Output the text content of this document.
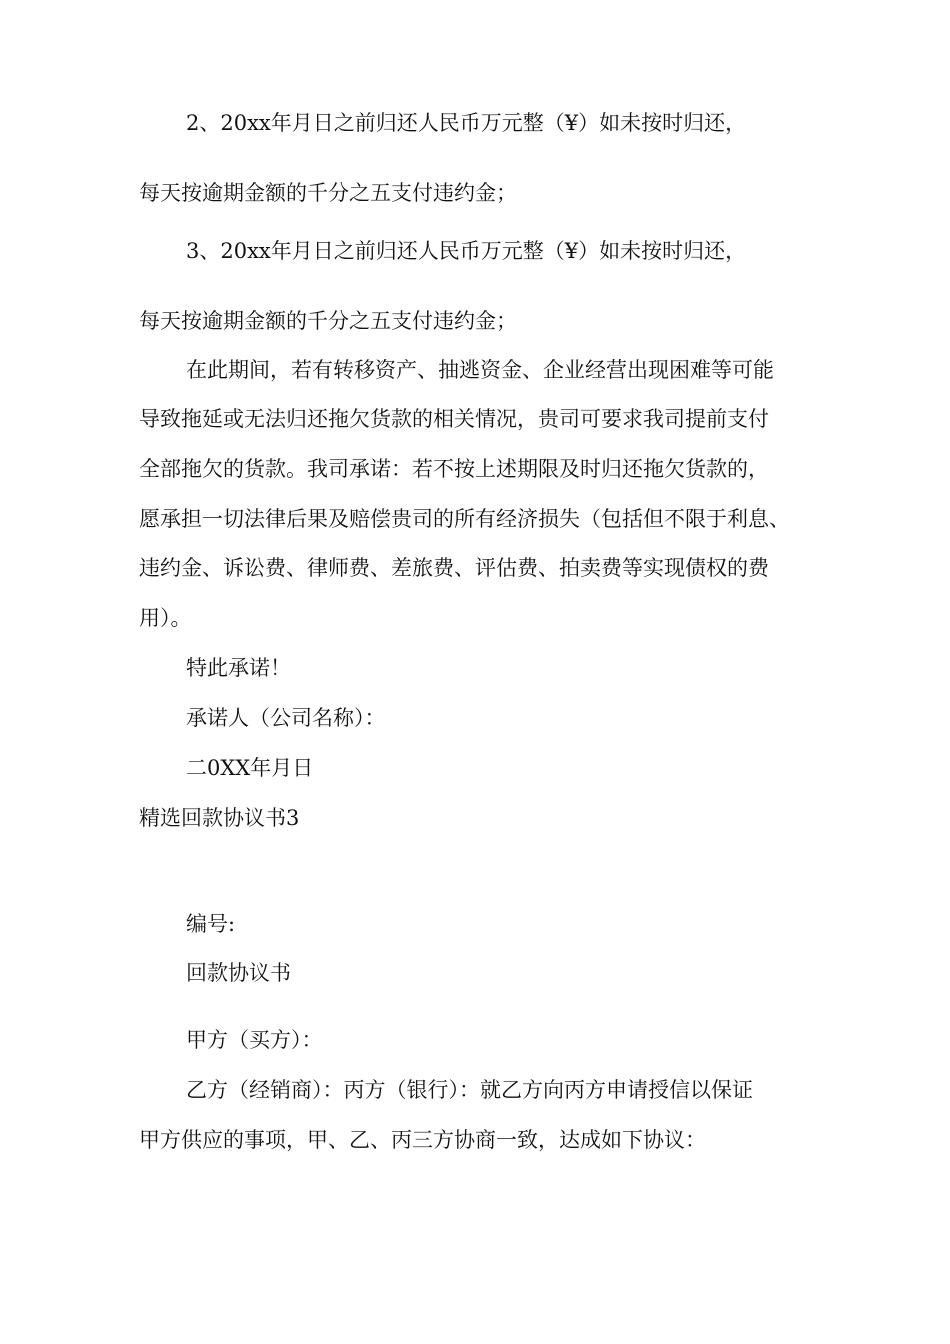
2、20xx年月日之前归还人民币万元整（¥）如未按时归还，

每天按逾期金额的千分之五支付违约金；

3、20xx年月日之前归还人民币万元整（¥）如未按时归还，

每天按逾期金额的千分之五支付违约金；

在此期间，若有转移资产、抽逃资金、企业经营出现困难等可能

导致拖延或无法归还拖欠货款的相关情况，贵司可要求我司提前支付

全部拖欠的货款。我司承诺：若不按上述期限及时归还拖欠货款的，

愿承担一切法律后果及赔偿贵司的所有经济损失（包括但不限于利息、

违约金、诉讼费、律师费、差旅费、评估费、拍卖费等实现债权的费

用）。

特此承诺！

承诺人（公司名称）：

二0XX年月日

精选回款协议书3

编号:

回款协议书

甲方（买方）：

乙方（经销商）：丙方（银行）：就乙方向丙方申请授信以保证

甲方供应的事项，甲、乙、丙三方协商一致，达成如下协议：
